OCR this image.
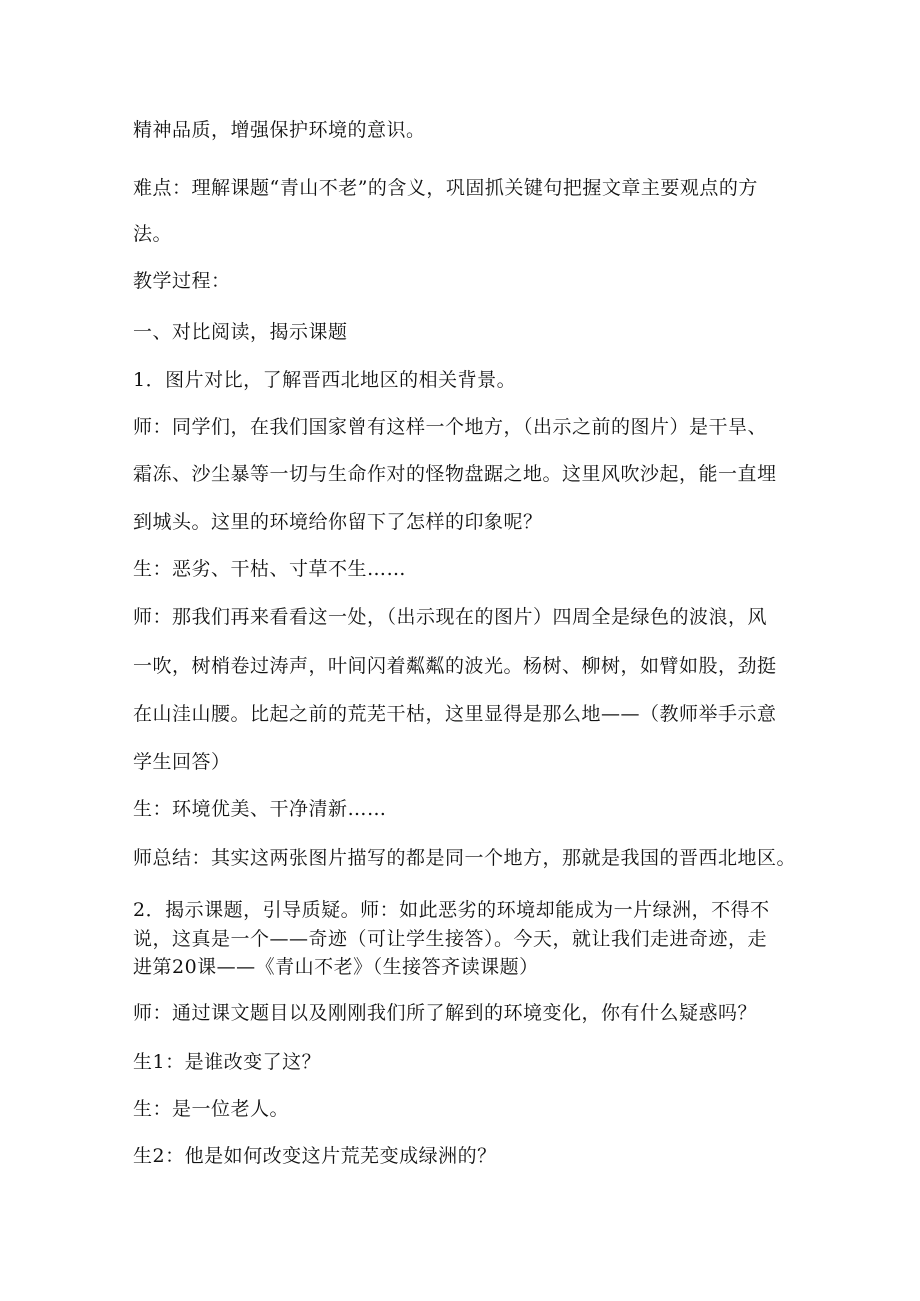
精神品质，增强保护环境的意识。
难点：理解课题“青山不老”的含义，巩固抓关键句把握文章主要观点的方
法。
教学过程：
一、对比阅读，揭示课题
1．图片对比，了解晋西北地区的相关背景。
师：同学们，在我们国家曾有这样一个地方，（出示之前的图片）是干旱、
霜冻、沙尘暴等一切与生命作对的怪物盘踞之地。这里风吹沙起，能一直埋
到城头。这里的环境给你留下了怎样的印象呢？
生：恶劣、干枯、寸草不生……
师：那我们再来看看这一处，（出示现在的图片）四周全是绿色的波浪，风
一吹，树梢卷过涛声，叶间闪着粼粼的波光。杨树、柳树，如臂如股，劲挺
在山洼山腰。比起之前的荒芜干枯，这里显得是那么地——（教师举手示意
学生回答）
生：环境优美、干净清新……
师总结：其实这两张图片描写的都是同一个地方，那就是我国的晋西北地区。
2．揭示课题，引导质疑。师：如此恶劣的环境却能成为一片绿洲，不得不
说，这真是一个——奇迹（可让学生接答）。今天，就让我们走进奇迹，走
进第20课——《青山不老》（生接答齐读课题）
师：通过课文题目以及刚刚我们所了解到的环境变化，你有什么疑惑吗？
生1：是谁改变了这？
生：是一位老人。
生2：他是如何改变这片荒芜变成绿洲的？
